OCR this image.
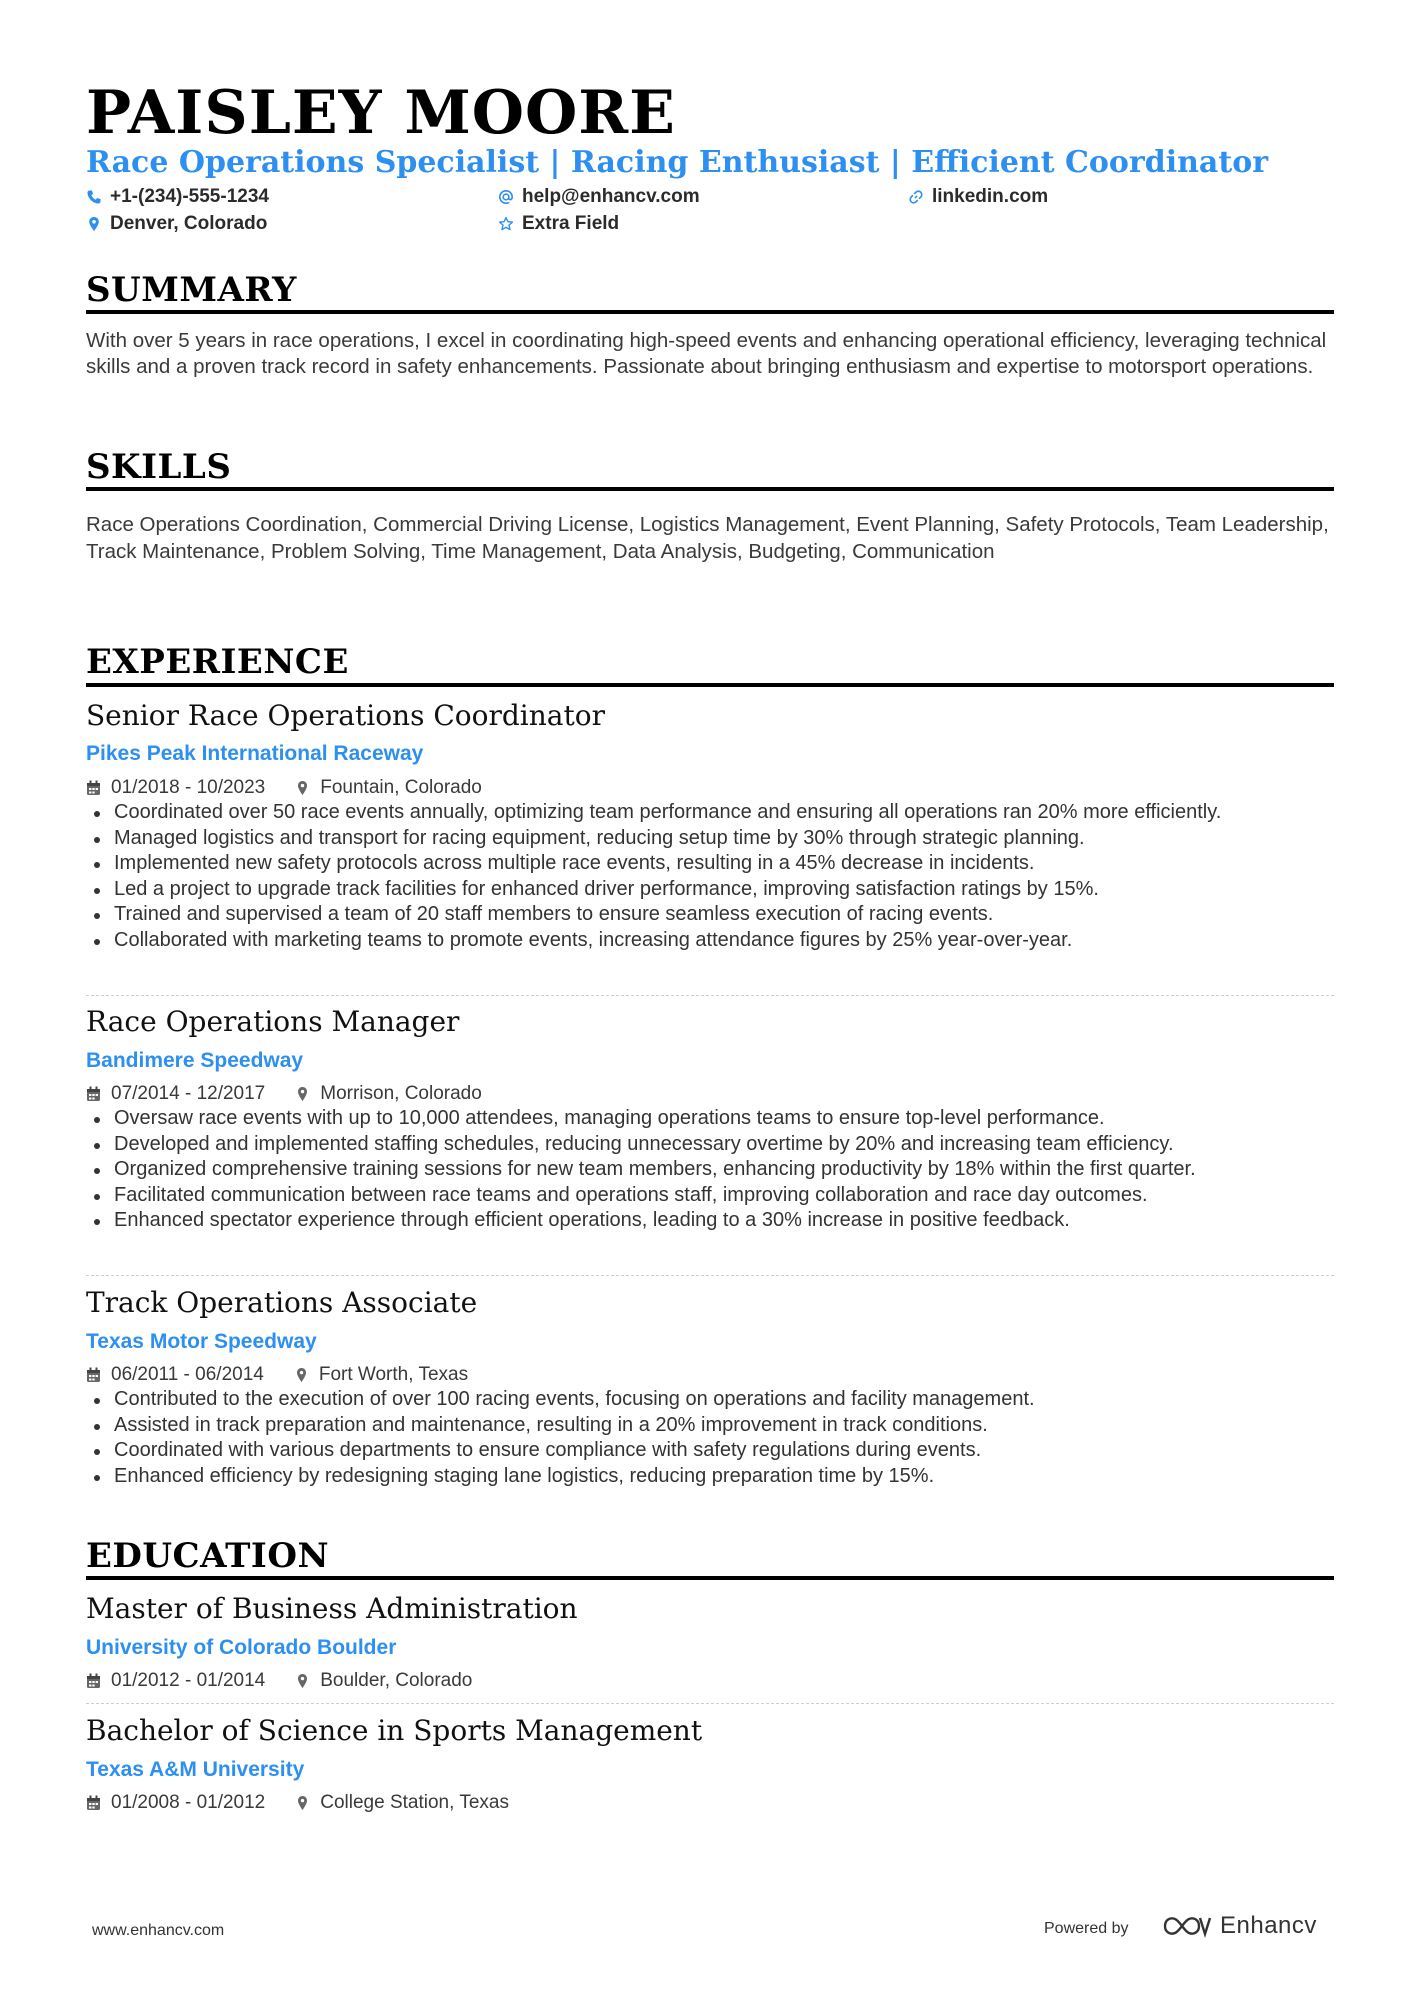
PAISLEY MOORE
Race Operations Specialist | Racing Enthusiast | Efficient Coordinator
+1-(234)-555-1234	help@enhancv.com	linkedin.com
Denver, Colorado	Extra Field
SUMMARY

With over 5 years in race operations, I excel in coordinating high-speed events and enhancing operational efficiency, leveraging technical skills and a proven track record in safety enhancements. Passionate about bringing enthusiasm and expertise to motorsport operations.

SKILLS

Race Operations Coordination, Commercial Driving License, Logistics Management, Event Planning, Safety Protocols, Team Leadership, Track Maintenance, Problem Solving, Time Management, Data Analysis, Budgeting, Communication

EXPERIENCE
Senior Race Operations Coordinator
Pikes Peak International Raceway
01/2018 - 10/2023	Fountain, Colorado
Coordinated over 50 race events annually, optimizing team performance and ensuring all operations ran 20% more efficiently.
Managed logistics and transport for racing equipment, reducing setup time by 30% through strategic planning.
Implemented new safety protocols across multiple race events, resulting in a 45% decrease in incidents.
Led a project to upgrade track facilities for enhanced driver performance, improving satisfaction ratings by 15%.
Trained and supervised a team of 20 staff members to ensure seamless execution of racing events.
Collaborated with marketing teams to promote events, increasing attendance figures by 25% year-over-year.
Race Operations Manager
Bandimere Speedway
07/2014 - 12/2017	Morrison, Colorado
Oversaw race events with up to 10,000 attendees, managing operations teams to ensure top-level performance.
Developed and implemented staffing schedules, reducing unnecessary overtime by 20% and increasing team efficiency.
Organized comprehensive training sessions for new team members, enhancing productivity by 18% within the first quarter.
Facilitated communication between race teams and operations staff, improving collaboration and race day outcomes.
Enhanced spectator experience through efficient operations, leading to a 30% increase in positive feedback.
Track Operations Associate
Texas Motor Speedway
06/2011 - 06/2014	Fort Worth, Texas
Contributed to the execution of over 100 racing events, focusing on operations and facility management.
Assisted in track preparation and maintenance, resulting in a 20% improvement in track conditions.
Coordinated with various departments to ensure compliance with safety regulations during events.
Enhanced efficiency by redesigning staging lane logistics, reducing preparation time by 15%.
EDUCATION
Master of Business Administration
University of Colorado Boulder
01/2012 - 01/2014	Boulder, Colorado
Bachelor of Science in Sports Management
Texas A&M University
01/2008 - 01/2012	College Station, Texas
www.enhancv.com	Powered by	Enhancv
